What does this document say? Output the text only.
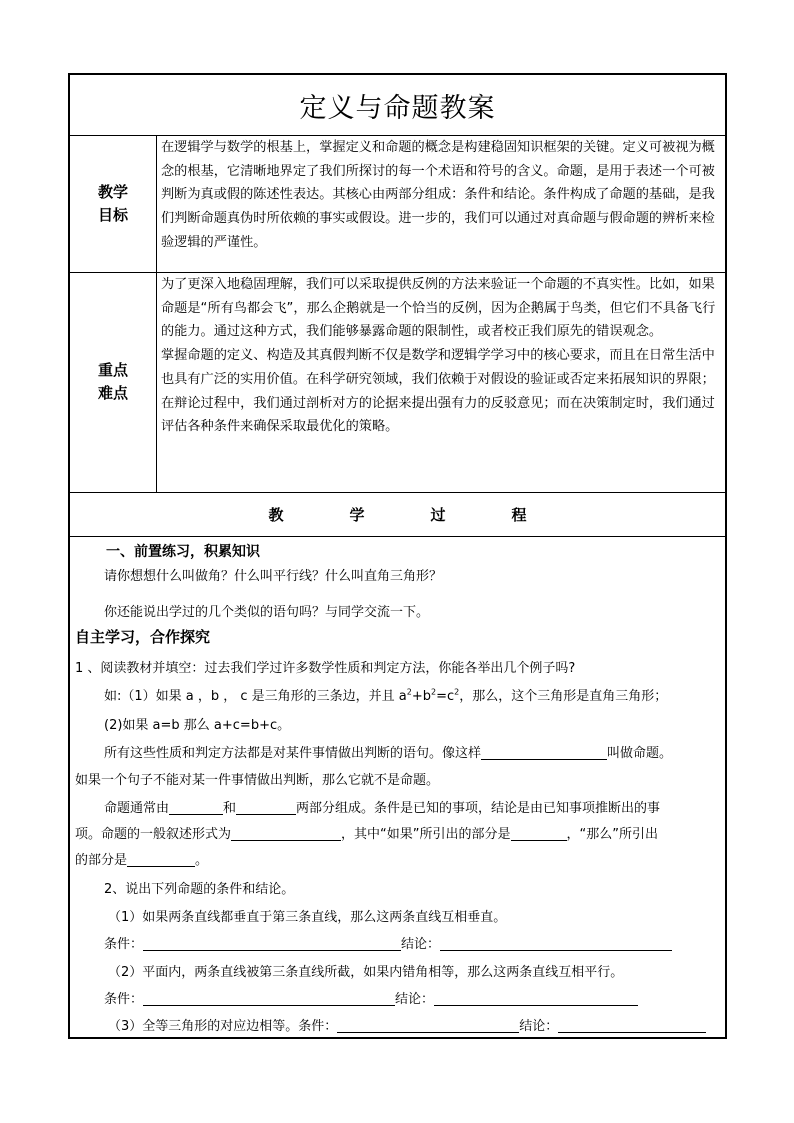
定义与命题教案
教学目标

在逻辑学与数学的根基上，掌握定义和命题的概念是构建稳固知识框架的关键。定义可被视为概念的根基，它清晰地界定了我们所探讨的每一个术语和符号的含义。命题，是用于表述一个可被判断为真或假的陈述性表达。其核心由两部分组成：条件和结论。条件构成了命题的基础，是我们判断命题真伪时所依赖的事实或假设。进一步的，我们可以通过对真命题与假命题的辨析来检验逻辑的严谨性。

重点难点

为了更深入地稳固理解，我们可以采取提供反例的方法来验证一个命题的不真实性。比如，如果命题是“所有鸟都会飞”，那么企鹅就是一个恰当的反例，因为企鹅属于鸟类，但它们不具备飞行的能力。通过这种方式，我们能够暴露命题的限制性，或者校正我们原先的错误观念。

掌握命题的定义、构造及其真假判断不仅是数学和逻辑学学习中的核心要求，而且在日常生活中也具有广泛的实用价值。在科学研究领域，我们依赖于对假设的验证或否定来拓展知识的界限；在辩论过程中，我们通过剖析对方的论据来提出强有力的反驳意见；而在决策制定时，我们通过评估各种条件来确保采取最优化的策略。

教	学	过	程
一、前置练习，积累知识
请你想想什么叫做角？什么叫平行线？什么叫直角三角形？
你还能说出学过的几个类似的语句吗？与同学交流一下。
自主学习，合作探究
1 、阅读教材并填空：过去我们学过许多数学性质和判定方法，你能各举出几个例子吗?
如:（1）如果 a ，b ， c 是三角形的三条边，并且 $a^2+b^2=c^2$，那么，这个三角形是直角三角形；
(2)如果 a=b 那么 a+c=b+c。
所有这些性质和判定方法都是对某件事情做出判断的语句。像这样	叫做命题。
如果一个句子不能对某一件事情做出判断，那么它就不是命题。
命题通常由	和	两部分组成。条件是已知的事项，结论是由已知事项推断出的事
项。命题的一般叙述形式为	，其中“如果”所引出的部分是	，“那么”所引出
的部分是	。
2、说出下列命题的条件和结论。
（1）如果两条直线都垂直于第三条直线，那么这两条直线互相垂直。
条件：	结论：
（2）平面内，两条直线被第三条直线所截，如果内错角相等，那么这两条直线互相平行。
条件：	结论：
（3）全等三角形的对应边相等。条件：	结论：
